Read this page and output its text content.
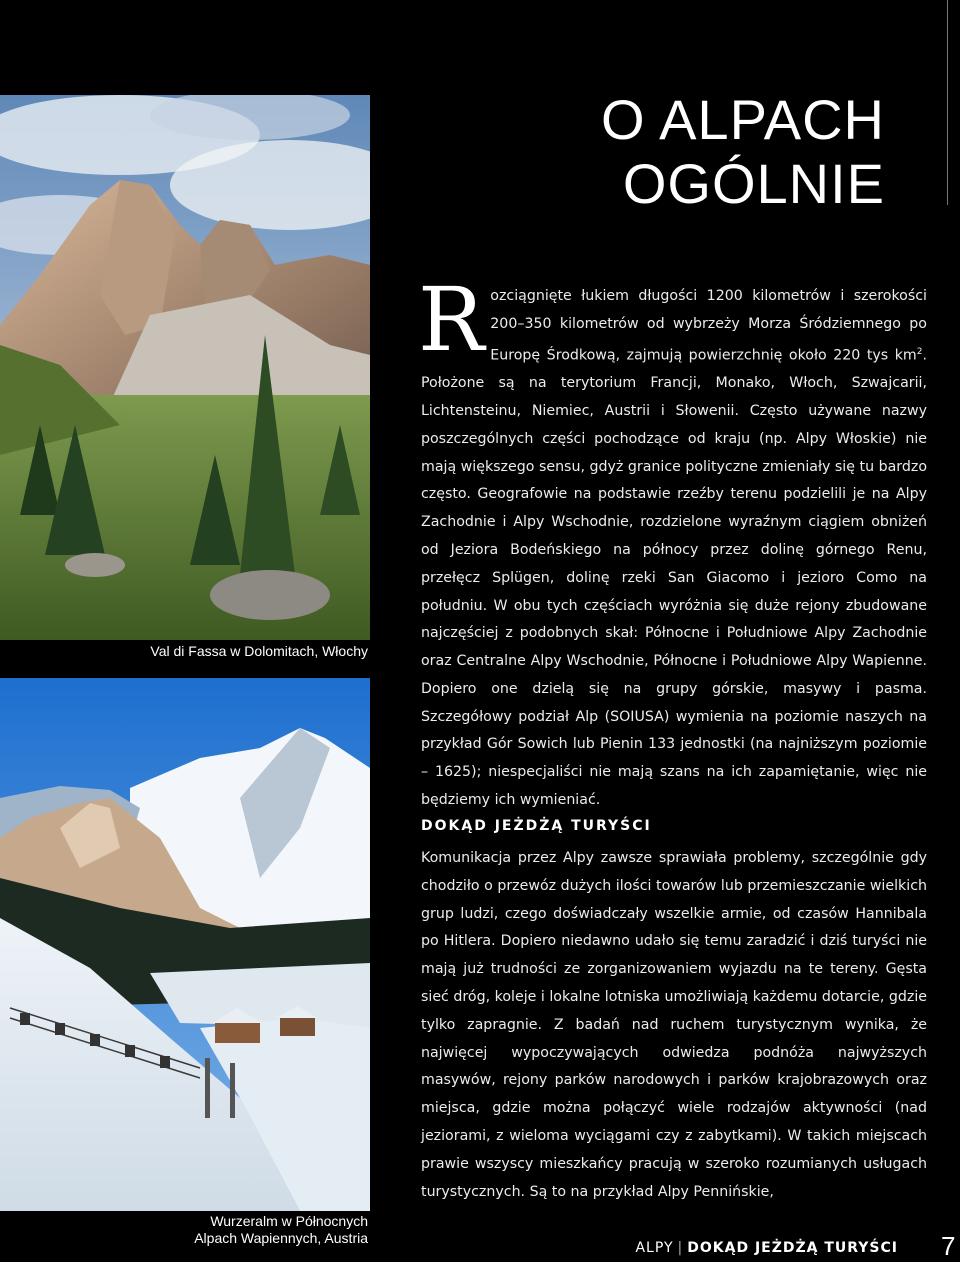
O ALPACH
OGÓLNIE
Val di Fassa w Dolomitach, Włochy
Wurzeralm w Północnych
Alpach Wapiennych, Austria

Rozciągnięte łukiem długości 1200 kilometrów i szerokości 200–350 kilometrów od wybrzeży Morza Śródziemnego po Europę Środkową, zajmują powierzchnię około 220 tys $km^2$. Położone są na terytorium Francji, Monako, Włoch, Szwajcarii, Lichtensteinu, Niemiec, Austrii i Słowenii. Często używane nazwy poszczególnych części pochodzące od kraju (np. Alpy Włoskie) nie mają większego sensu, gdyż granice polityczne zmieniały się tu bardzo często. Geografowie na podstawie rzeźby terenu podzielili je na Alpy Zachodnie i Alpy Wschodnie, rozdzielone wyraźnym ciągiem obniżeń od Jeziora Bodeńskiego na północy przez dolinę górnego Renu, przełęcz Splügen, dolinę rzeki San Giacomo i jezioro Como na południu. W obu tych częściach wyróżnia się duże rejony zbudowane najczęściej z podobnych skał: Północne i Południowe Alpy Zachodnie oraz Centralne Alpy Wschodnie, Północne i Południowe Alpy Wapienne. Dopiero one dzielą się na grupy górskie, masywy i pasma. Szczegółowy podział Alp (SOIUSA) wymienia na poziomie naszych na przykład Gór Sowich lub Pienin 133 jednostki (na najniższym poziomie – 1625); niespecjaliści nie mają szans na ich zapamiętanie, więc nie będziemy ich wymieniać.

DOKĄD JEŻDŻĄ TURYŚCI

Komunikacja przez Alpy zawsze sprawiała problemy, szczególnie gdy chodziło o przewóz dużych ilości towarów lub przemieszczanie wielkich grup ludzi, czego doświadczały wszelkie armie, od czasów Hannibala po Hitlera. Dopiero niedawno udało się temu zaradzić i dziś turyści nie mają już trudności ze zorganizowaniem wyjazdu na te tereny. Gęsta sieć dróg, koleje i lokalne lotniska umożliwiają każdemu dotarcie, gdzie tylko zapragnie. Z badań nad ruchem turystycznym wynika, że najwięcej wypoczywających odwiedza podnóża najwyższych masywów, rejony parków narodowych i parków krajobrazowych oraz miejsca, gdzie można połączyć wiele rodzajów aktywności (nad jeziorami, z wieloma wyciągami czy z zabytkami). W takich miejscach prawie wszyscy mieszkańcy pracują w szeroko rozumianych usługach turystycznych. Są to na przykład Alpy Pennińskie,

ALPY | DOKĄD JEŻDŻĄ TURYŚCI 7
